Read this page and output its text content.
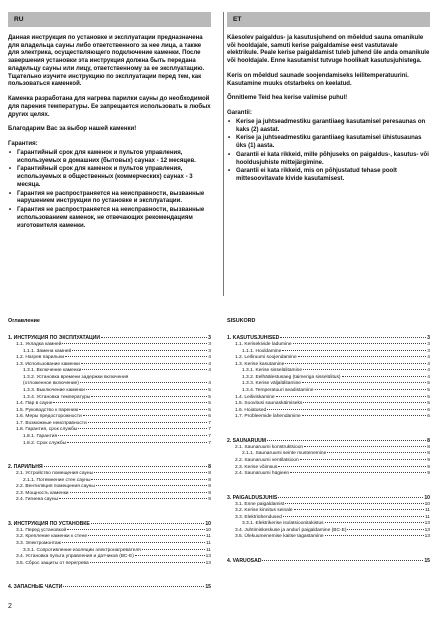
RU

Данная инструкция по установке и эксплуатации предназначена для владельца сауны либо ответственного за нее лица, а также для электрика, осуществляющего подключение каменки. После завершения установки эта инструкция должна быть передана владельцу сауны или лицу, ответственному за ее эксплуатацию. Тщательно изучите инструкцию по эксплуатации перед тем, как пользоваться каменкой.

Каменка разработана для нагрева парилки сауны до необходимой для парения температуры. Ее запрещается использовать в любых других целях.

Благодарим Вас за выбор нашей каменки!

Гарантия:

• Гарантийный срок для каменок и пультов управления, используемых в домашних (бытовых) саунах - 12 месяцев.
• Гарантийный срок для каменок и пультов управления, используемых в общественных (коммерческих) саунах - 3 месяца.
• Гарантия не распространяется на неисправности, вызванные нарушением инструкции по установке и эксплуатации.
• Гарантия не распространяется на неисправности, вызванные использованием каменок, не отвечающих рекомендациям изготовителя каменки.
ET

Käesolev paigaldus- ja kasutusjuhend on mõeldud sauna omanikule või hooldajale, samuti kerise paigaldamise eest vastutavale elektrikule. Peale kerise paigaldamist tuleb juhend üle anda omanikule või hooldajale. Enne kasutamist tutvuge hoolikalt kasutusjuhistega.

Keris on mõeldud saunade soojendamiseks leilitemperatuurini. Kasutamine muuks otstarbeks on keelatud.

Õnnitleme Teid hea kerise valimise puhul!

Garantii:

• Kerise ja juhtseadmestiku garantiiaeg kasutamisel peresaunas on kaks (2) aastat.
• Kerise ja juhtseadmestiku garantiiaeg kasutamisel ühistusaunas üks (1) aasta.
• Garantii ei kata rikkeid, mille põhjuseks on paigaldus-, kasutus- või hooldusjuhiste mittejärgimine.
• Garantii ei kata rikkeid, mis on põhjustatud tehase poolt mittesoovitavate kivide kasutamisest.
Оглавление
1. ИНСТРУКЦИЯ ПО ЭКСПЛУАТАЦИИ	3
1.1. Укладка камней	3
1.1.1. Замена камней	3
1.2. Нагрев парильни	4
1.3. Использование каменки	4
1.3.1. Включение каменки	4
1.3.2. Установка времени задержки включения
(отложенное включение)	4
1.3.3. Выключение каменки	5
1.3.4. Установка температуры	5
1.4. Пар в сауне	5
1.5. Руководство к парению	5
1.6. Меры предосторожности	6
1.7. Возможные неисправности	7
1.8. Гарантия, срок службы	7
1.8.1. Гарантия	7
1.8.2. Срок службы	7
2. ПАРИЛЬНЯ	8
2.1. Устройство помещения сауны	8
2.1.1. Потемнение стен сауны	8
2.2. Вентиляция помещения сауны	9
2.3. Мощность каменки	9
2.4. Гигиена сауны	9
3. ИНСТРУКЦИЯ ПО УСТАНОВКЕ	10
3.1. Перед установкой	10
3.2. Крепление каменки к стене	11
3.3. Электромонтаж	11
3.3.1. Сопротивление изоляции электронагревателя	11
3.4. Установка пульта управления и датчиков (ВС-Е)	13
3.5. Сброс защиты от перегрева	13
4. ЗАПАСНЫЕ ЧАСТИ	15
SISUKORD
1. KASUTUSJUHISED	3
1.1. Kerisekivide ladumine	3
1.1.1. Hooldamine	3
1.2. Leiliruumi soojendamine	4
1.3. Kerise kasutamine	4
1.3.1. Kerise sisselülitamine	4
1.3.2. Eelhäälestusaeg (taimeriga sisselülitus)	4
1.3.3. Kerise väljalülitamine	5
1.3.4. Temperatuuri seadistamine	5
1.4. Leiliviskamine	5
1.5. Soovitusi saunaskäimiseks	5
1.6. Hoiatused	6
1.7. Probleemide lahendamine	6
2. SAUNARUUM	8
2.1. Saunaruumi konstruktsioon	8
2.1.1. Saunaruumi seinte mustenemine	8
2.2. Saunaruumi ventilatsioon	9
2.3. Kerise võimsus	9
2.4. Saunaruumi hügieen	9
3. PAIGALDUSJUHIS	10
3.1. Enne paigaldamist	10
3.2. Kerise kinnitus seinale	11
3.3. Elektriühendused	11
3.3.1. Elektrikerise isolatsioonitakistus	13
3.4. Juhtimiskeskuse ja andurí paigaldamine (BC-E)	13
3.5. Ülekuumenemise kaitse tagastamine	13
4. VARUOSAD	15
2
